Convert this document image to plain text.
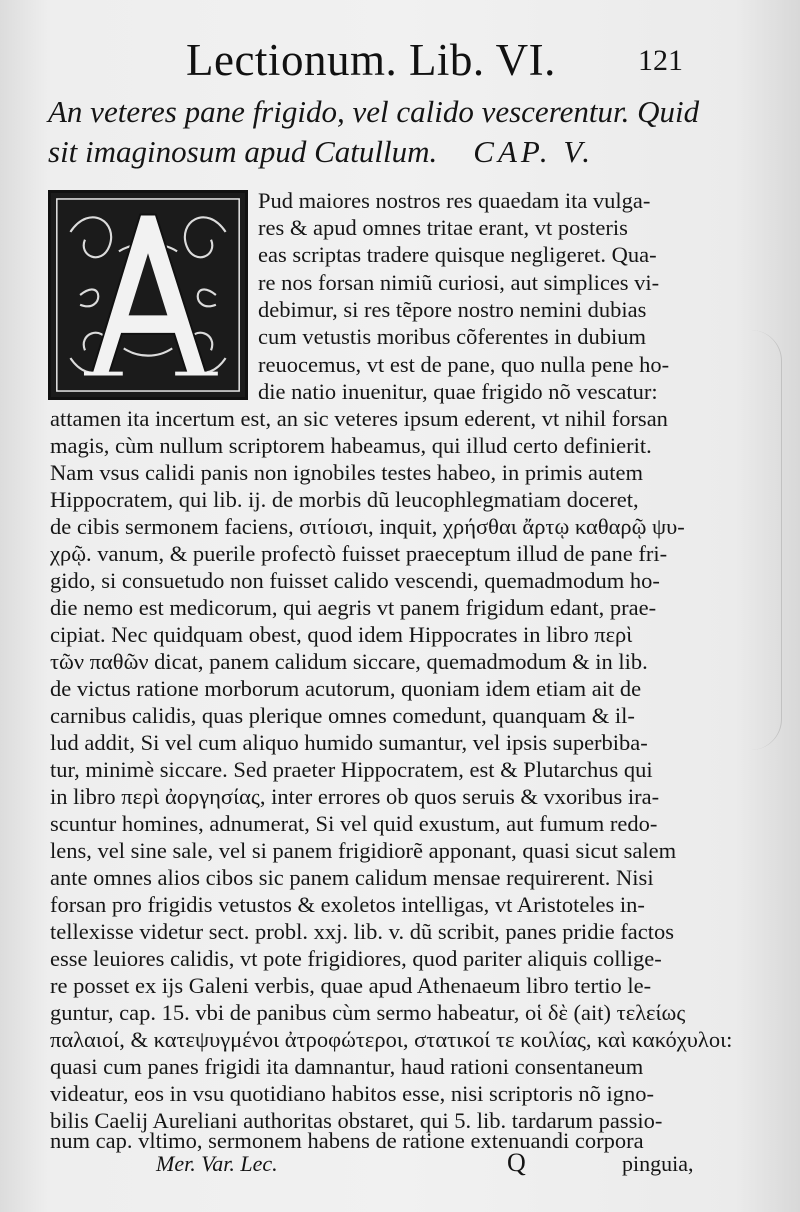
Lectionum. Lib. VI.	121
An veteres pane frigido, vel calido vescerentur. Quid
sit imaginosum apud Catullum. CAP. V.
A	Pud maiores nostros res quaedam ita vulga-
res & apud omnes tritae erant, vt posteris
eas scriptas tradere quisque negligeret. Qua-
re nos forsan nimiũ curiosi, aut simplices vi-
debimur, si res tẽpore nostro nemini dubias
cum vetustis moribus cõferentes in dubium
reuocemus, vt est de pane, quo nulla pene ho-
die natio inuenitur, quae frigido nõ vescatur:
attamen ita incertum est, an sic veteres ipsum ederent, vt nihil forsan
magis, cùm nullum scriptorem habeamus, qui illud certo definierit.
Nam vsus calidi panis non ignobiles testes habeo, in primis autem
Hippocratem, qui lib. ij. de morbis dũ leucophlegmatiam doceret,
de cibis sermonem faciens, σιτίοισι, inquit, χρήσθαι ἄρτῳ καθαρῷ ψυ-
χρῷ. vanum, & puerile profectò fuisset praeceptum illud de pane fri-
gido, si consuetudo non fuisset calido vescendi, quemadmodum ho-
die nemo est medicorum, qui aegris vt panem frigidum edant, prae-
cipiat. Nec quidquam obest, quod idem Hippocrates in libro περὶ
τῶν παθῶν dicat, panem calidum siccare, quemadmodum & in lib.
de victus ratione morborum acutorum, quoniam idem etiam ait de
carnibus calidis, quas plerique omnes comedunt, quanquam & il-
lud addit, Si vel cum aliquo humido sumantur, vel ipsis superbiba-
tur, minimè siccare. Sed praeter Hippocratem, est & Plutarchus qui
in libro περὶ ἀοργησίας, inter errores ob quos seruis & vxoribus ira-
scuntur homines, adnumerat, Si vel quid exustum, aut fumum redo-
lens, vel sine sale, vel si panem frigidiorẽ apponant, quasi sicut salem
ante omnes alios cibos sic panem calidum mensae requirerent. Nisi
forsan pro frigidis vetustos & exoletos intelligas, vt Aristoteles in-
tellexisse videtur sect. probl. xxj. lib. v. dũ scribit, panes pridie factos
esse leuiores calidis, vt pote frigidiores, quod pariter aliquis collige-
re posset ex ijs Galeni verbis, quae apud Athenaeum libro tertio le-
guntur, cap. 15. vbi de panibus cùm sermo habeatur, οἱ δὲ (ait) τελείως
παλαιοί, & κατεψυγμένοι ἀτροφώτεροι, στατικοί τε κοιλίας, καὶ κακόχυλοι:
quasi cum panes frigidi ita damnantur, haud rationi consentaneum
videatur, eos in vsu quotidiano habitos esse, nisi scriptoris nõ igno-
bilis Caelij Aureliani authoritas obstaret, qui 5. lib. tardarum passio-
num cap. vltimo, sermonem habens de ratione extenuandi corpora
Mer. Var. Lec.	Q	pinguia,
